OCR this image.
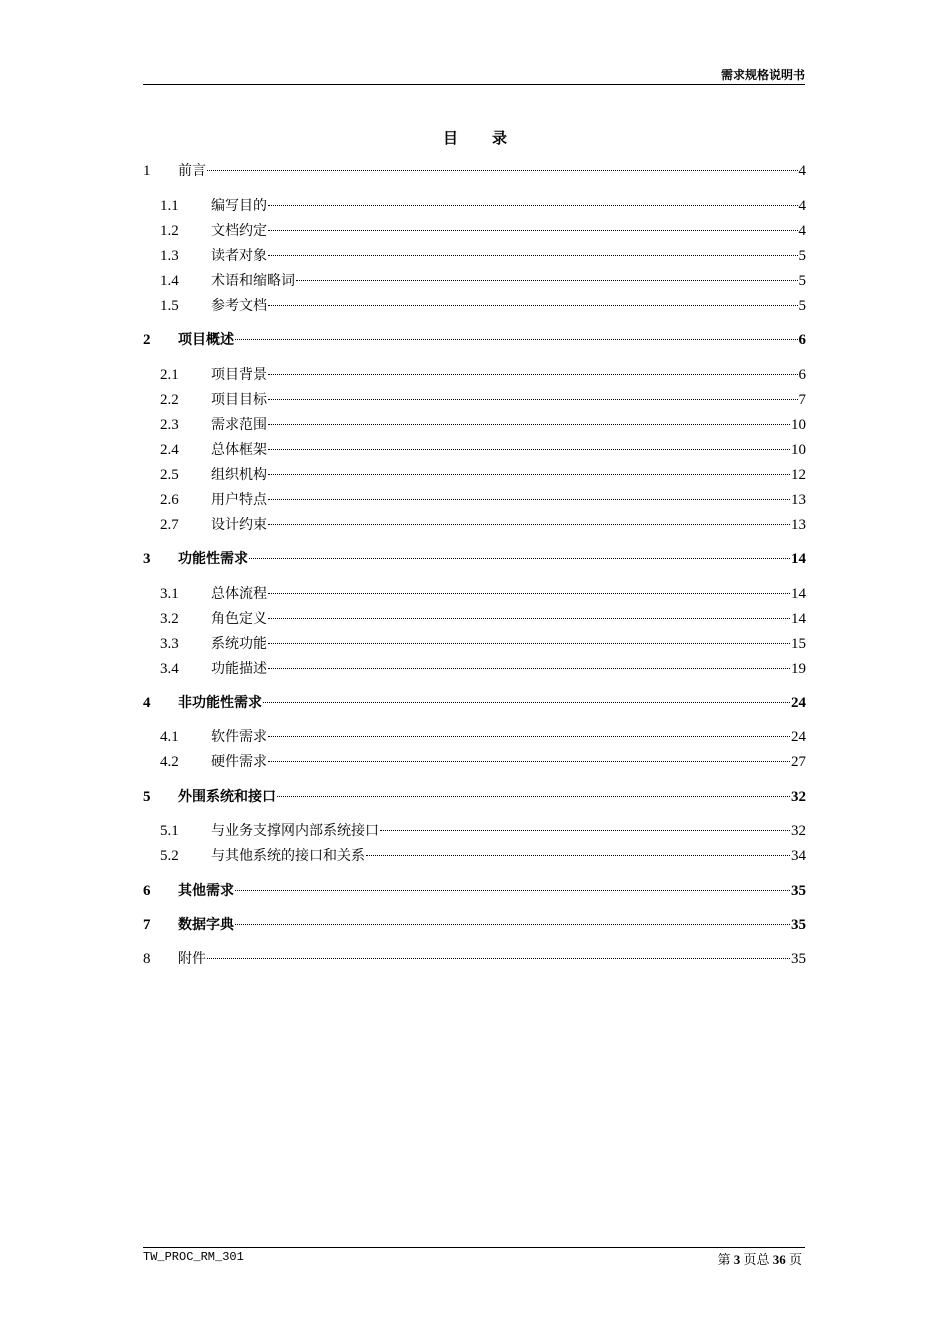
需求规格说明书
目 录
1	前言	4
1.1	编写目的	4
1.2	文档约定	4
1.3	读者对象	5
1.4	术语和缩略词	5
1.5	参考文档	5
2	项目概述	6
2.1	项目背景	6
2.2	项目目标	7
2.3	需求范围	10
2.4	总体框架	10
2.5	组织机构	12
2.6	用户特点	13
2.7	设计约束	13
3	功能性需求	14
3.1	总体流程	14
3.2	角色定义	14
3.3	系统功能	15
3.4	功能描述	19
4	非功能性需求	24
4.1	软件需求	24
4.2	硬件需求	27
5	外围系统和接口	32
5.1	与业务支撑网内部系统接口	32
5.2	与其他系统的接口和关系	34
6	其他需求	35
7	数据字典	35
8	附件	35
TW_PROC_RM_301	第 3 页总 36 页
